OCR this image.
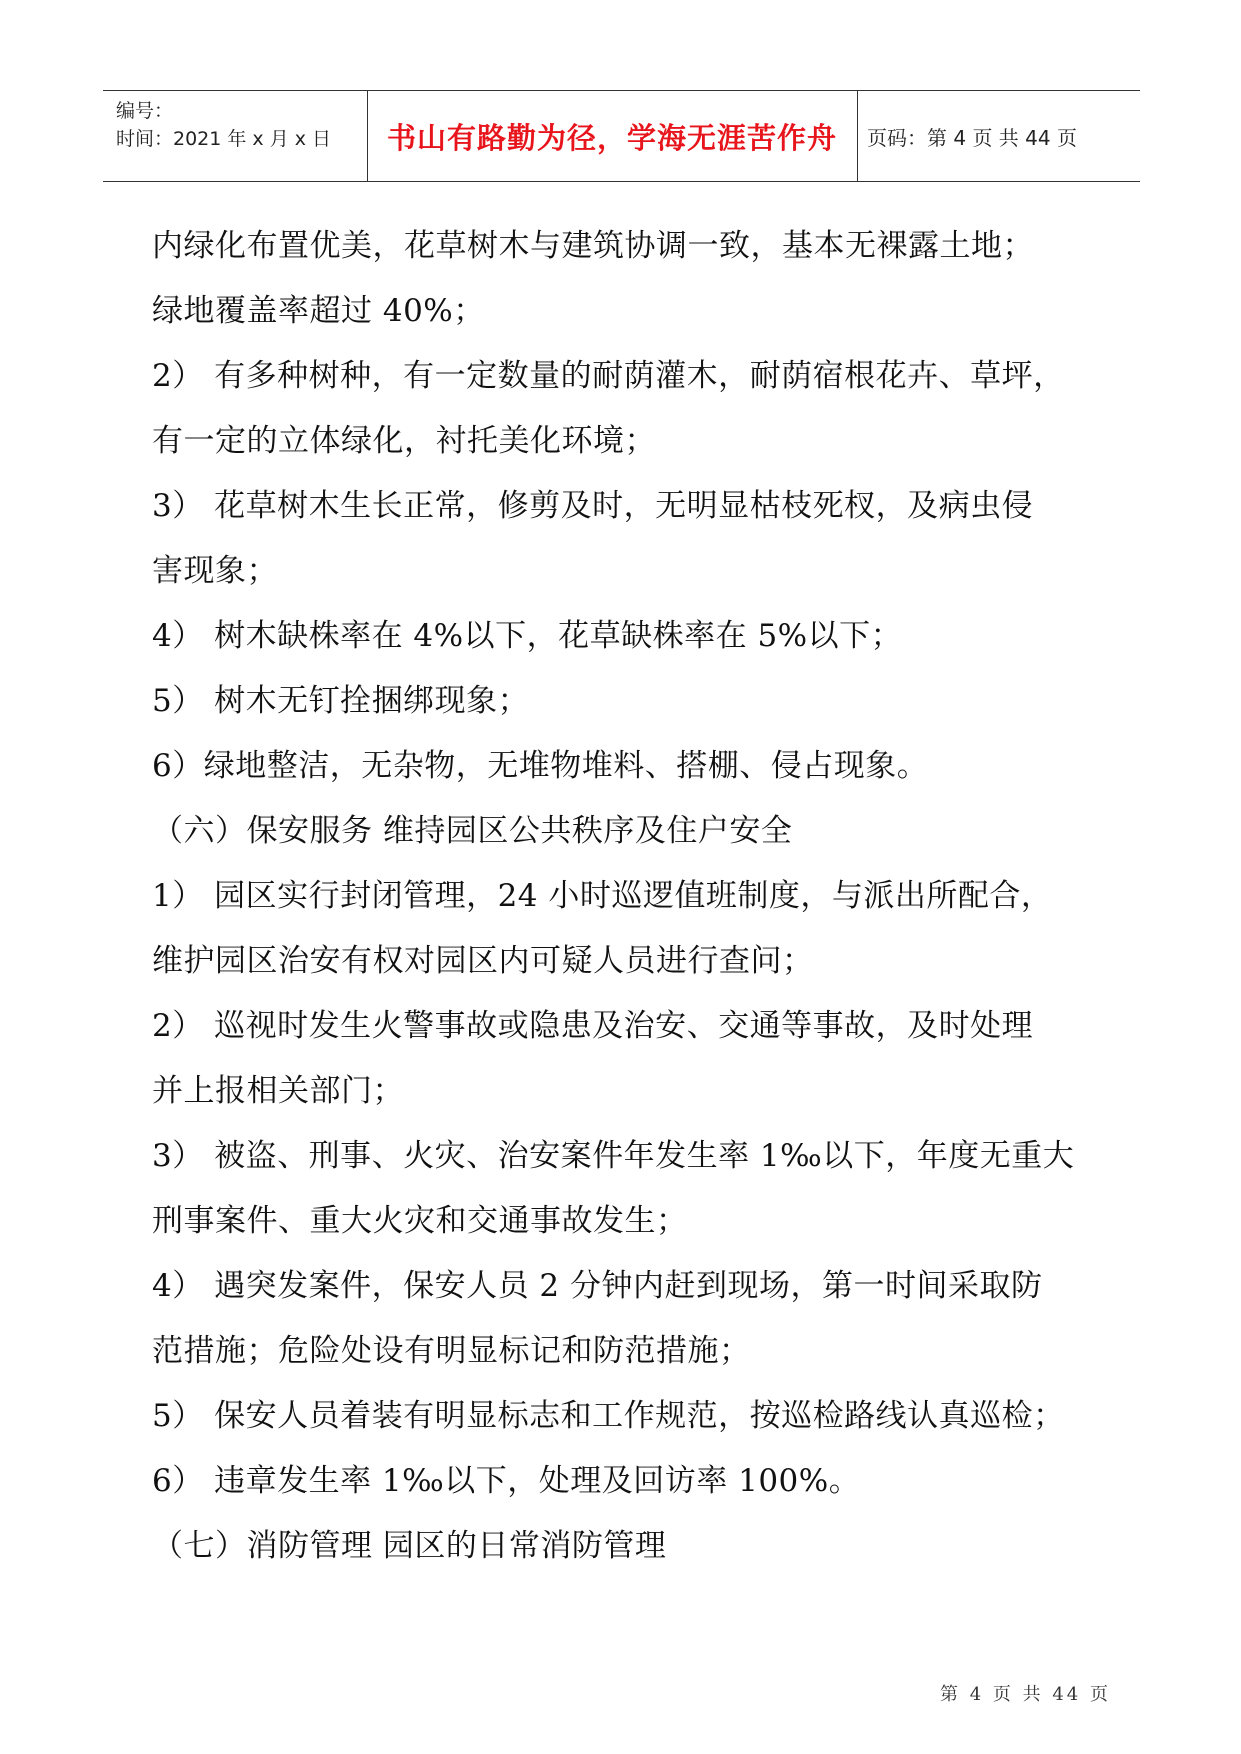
编号：
时间：2021 年 x 月 x 日	书山有路勤为径，学海无涯苦作舟	页码：第 4 页 共 44 页
内绿化布置优美，花草树木与建筑协调一致，基本无裸露土地；
绿地覆盖率超过 40%；
2） 有多种树种，有一定数量的耐荫灌木，耐荫宿根花卉、草坪，
有一定的立体绿化，衬托美化环境；
3） 花草树木生长正常，修剪及时，无明显枯枝死杈，及病虫侵
害现象；
4） 树木缺株率在 4%以下，花草缺株率在 5%以下；
5） 树木无钉拴捆绑现象；
6）绿地整洁，无杂物，无堆物堆料、搭棚、侵占现象。
（六）保安服务 维持园区公共秩序及住户安全
1） 园区实行封闭管理，24 小时巡逻值班制度，与派出所配合，
维护园区治安有权对园区内可疑人员进行查问；
2） 巡视时发生火警事故或隐患及治安、交通等事故，及时处理
并上报相关部门；
3） 被盗、刑事、火灾、治安案件年发生率 1‰以下，年度无重大
刑事案件、重大火灾和交通事故发生；
4） 遇突发案件，保安人员 2 分钟内赶到现场，第一时间采取防
范措施；危险处设有明显标记和防范措施；
5） 保安人员着装有明显标志和工作规范，按巡检路线认真巡检；
6） 违章发生率 1‰以下，处理及回访率 100%。
（七）消防管理 园区的日常消防管理
第 4 页 共 44 页
